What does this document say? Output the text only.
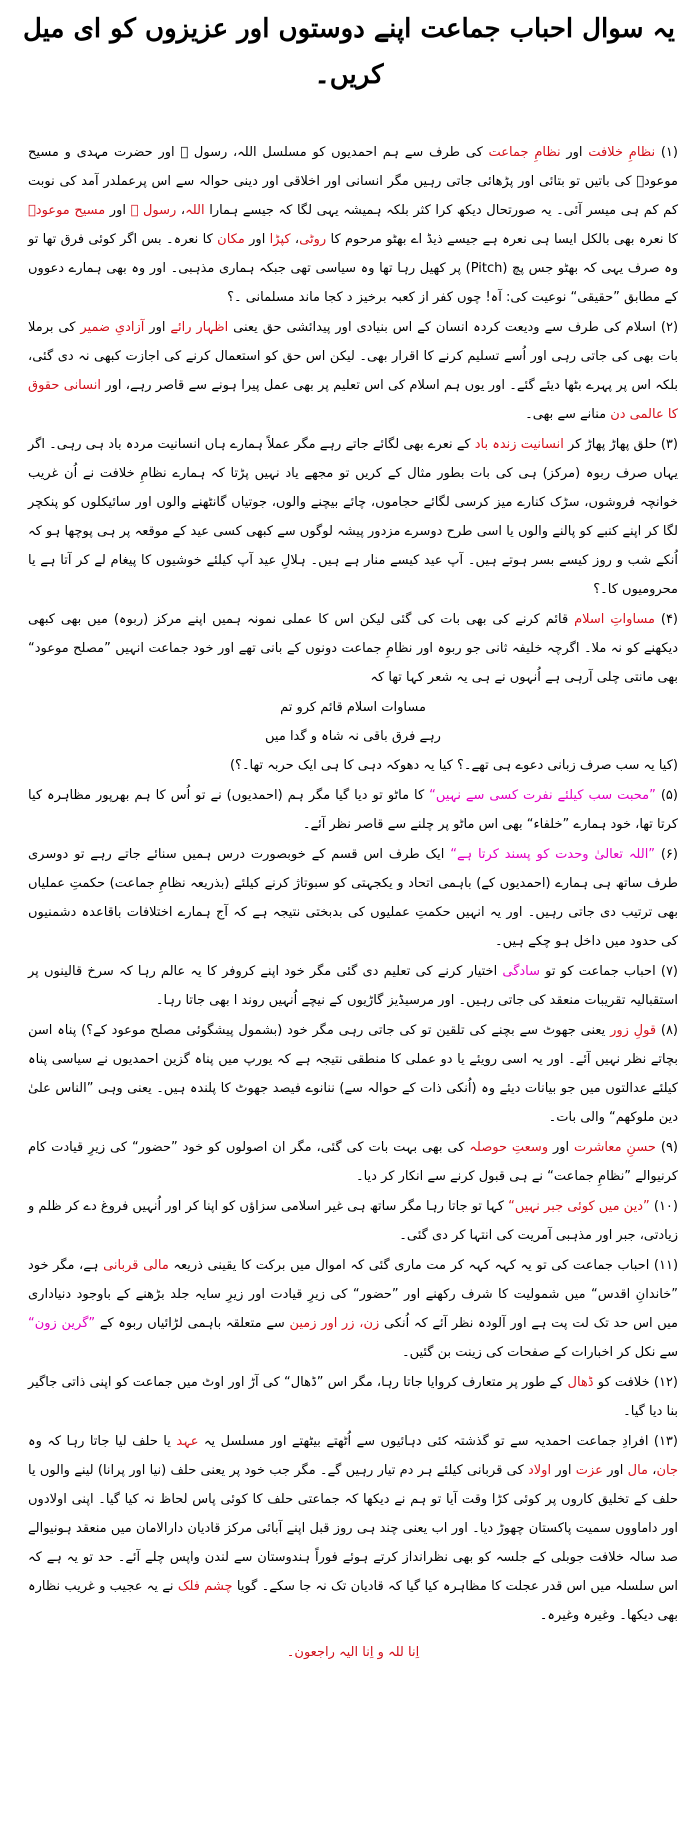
یہ سوال احباب جماعت اپنے دوستوں اور عزیزوں کو ای میل کریں۔

(۱) نظامِ خلافت اور نظامِ جماعت کی طرف سے ہم احمدیوں کو مسلسل اللہ، رسول ﷺ اور حضرت مہدی و مسیح موعودؑ کی باتیں تو بتائی اور پڑھائی جاتی رہیں مگر انسانی اور اخلاقی اور دینی حوالہ سے اس پرعملدر آمد کی نوبت کم کم ہی میسر آئی۔ یہ صورتحال دیکھ کرا کثر بلکہ ہمیشہ یہی لگا کہ جیسے ہمارا اللہ، رسول ﷺ اور مسیح موعودؑ کا نعرہ بھی بالکل ایسا ہی نعرہ ہے جیسے ذیڈ اے بھٹو مرحوم کا روٹی، کپڑا اور مکان کا نعرہ۔ بس اگر کوئی فرق تھا تو وہ صرف یہی کہ بھٹو جس پچ (Pitch) پر کھیل رہا تھا وہ سیاسی تھی جبکہ ہماری مذہبی۔ اور وہ بھی ہمارے دعووں کے مطابق ”حقیقی“ نوعیت کی: آہ! چوں کفر از کعبہ برخیز د کجا ماند مسلمانی ۔؟

(۲) اسلام کی طرف سے ودیعت کردہ انسان کے اس بنیادی اور پیدائشی حق یعنی اظہار رائے اور آزادیِ ضمیر کی برملا بات بھی کی جاتی رہی اور اُسے تسلیم کرنے کا اقرار بھی۔ لیکن اس حق کو استعمال کرنے کی اجازت کبھی نہ دی گئی، بلکہ اس پر پہرے بٹھا دیئے گئے۔ اور یوں ہم اسلام کی اس تعلیم پر بھی عمل پیرا ہونے سے قاصر رہے، اور انسانی حقوق کا عالمی دن منانے سے بھی۔

(۳) حلق پھاڑ پھاڑ کر انسانیت زندہ باد کے نعرے بھی لگائے جاتے رہے مگر عملاً ہمارے ہاں انسانیت مردہ باد ہی رہی۔ اگر یہاں صرف ربوہ (مرکز) ہی کی بات بطور مثال کے کریں تو مجھے یاد نہیں پڑتا کہ ہمارے نظامِ خلافت نے اُن غریب خوانچہ فروشوں، سڑک کنارے میز کرسی لگائے حجاموں، چائے بیچنے والوں، جوتیاں گانٹھنے والوں اور سائیکلوں کو پنکچر لگا کر اپنے کنبے کو پالنے والوں یا اسی طرح دوسرے مزدور پیشہ لوگوں سے کبھی کسی عید کے موقعہ پر ہی پوچھا ہو کہ اُنکے شب و روز کیسے بسر ہوتے ہیں۔ آپ عید کیسے منار ہے ہیں۔ ہلالِ عید آپ کیلئے خوشیوں کا پیغام لے کر آتا ہے یا محرومیوں کا۔؟

(۴) مساواتِ اسلام قائم کرنے کی بھی بات کی گئی لیکن اس کا عملی نمونہ ہمیں اپنے مرکز (ربوہ) میں بھی کبھی دیکھنے کو نہ ملا۔ اگرچہ خلیفہ ثانی جو ربوہ اور نظامِ جماعت دونوں کے بانی تھے اور خود جماعت انہیں ”مصلح موعود“ بھی مانتی چلی آرہی ہے اُنہوں نے ہی یہ شعر کہا تھا کہ

مساوات اسلام قائم کرو تم

رہے فرق باقی نہ شاہ و گدا میں

(کیا یہ سب صرف زبانی دعوے ہی تھے۔؟ کیا یہ دھوکہ دہی کا ہی ایک حربہ تھا۔؟)

(۵) ”محبت سب کیلئے نفرت کسی سے نہیں“ کا ماٹو تو دیا گیا مگر ہم (احمدیوں) نے تو اُس کا ہم بھرپور مظاہرہ کیا کرتا تھا، خود ہمارے ”خلفاء“ بھی اس ماٹو پر چلنے سے قاصر نظر آئے۔

(۶) ”اللہ تعالیٰ وحدت کو پسند کرتا ہے“ ایک طرف اس قسم کے خوبصورت درس ہمیں سنائے جاتے رہے تو دوسری طرف ساتھ ہی ہمارے (احمدیوں کے) باہمی اتحاد و یکجہتی کو سبوتاژ کرنے کیلئے (بذریعہ نظامِ جماعت) حکمتِ عملیاں بھی ترتیب دی جاتی رہیں۔ اور یہ انہیں حکمتِ عملیوں کی بدبختی نتیجہ ہے کہ آج ہمارے اختلافات باقاعدہ دشمنیوں کی حدود میں داخل ہو چکے ہیں۔

(۷) احباب جماعت کو تو سادگی اختیار کرنے کی تعلیم دی گئی مگر خود اپنے کروفر کا یہ عالم رہا کہ سرخ قالینوں پر استقبالیہ تقریبات منعقد کی جاتی رہیں۔ اور مرسیڈیز گاڑیوں کے نیچے اُنہیں روند ا بھی جاتا رہا۔

(۸) قولِ زور یعنی جھوٹ سے بچنے کی تلقین تو کی جاتی رہی مگر خود (بشمول پیشگوئی مصلح موعود کے؟) پناہ اسن بچاتے نظر نہیں آئے۔ اور یہ اسی رویئے یا دو عملی کا منطقی نتیجہ ہے کہ یورپ میں پناہ گزین احمدیوں نے سیاسی پناہ کیلئے عدالتوں میں جو بیانات دیئے وہ (اُنکی ذات کے حوالہ سے) ننانوے فیصد جھوٹ کا پلندہ ہیں۔ یعنی وہی ”الناس علیٰ دین ملوکھم“ والی بات۔

(۹) حسنِ معاشرت اور وسعتِ حوصلہ کی بھی بہت بات کی گئی، مگر ان اصولوں کو خود ”حضور“ کی زیرِ قیادت کام کرنیوالے ”نظامِ جماعت“ نے ہی قبول کرنے سے انکار کر دیا۔

(۱۰) ”دین میں کوئی جبر نہیں“ کہا تو جاتا رہا مگر ساتھ ہی غیر اسلامی سزاؤں کو اپنا کر اور اُنہیں فروغ دے کر ظلم و زیادتی، جبر اور مذہبی آمریت کی انتہا کر دی گئی۔

(۱۱) احباب جماعت کی تو یہ کہہ کہہ کر مت ماری گئی کہ اموال میں برکت کا یقینی ذریعہ مالی قربانی ہے، مگر خود ”خاندانِ اقدس“ میں شمولیت کا شرف رکھنے اور ”حضور“ کی زیرِ قیادت اور زیرِ سایہ جلد بڑھنے کے باوجود دنیاداری میں اس حد تک لت پت ہے اور آلودہ نظر آئے کہ اُنکی زن، زر اور زمین سے متعلقہ باہمی لڑائیاں ربوہ کے ”گرین زون“ سے نکل کر اخبارات کے صفحات کی زینت بن گئیں۔

(۱۲) خلافت کو ڈھال کے طور پر متعارف کروایا جاتا رہا، مگر اس ”ڈھال“ کی آڑ اور اوٹ میں جماعت کو اپنی ذاتی جاگیر بنا دیا گیا۔

(۱۳) افرادِ جماعت احمدیہ سے تو گذشتہ کئی دہائیوں سے اُٹھتے بیٹھتے اور مسلسل یہ عہد یا حلف لیا جاتا رہا کہ وہ جان، مال اور عزت اور اولاد کی قربانی کیلئے ہر دم تیار رہیں گے۔ مگر جب خود پر یعنی حلف (نیا اور پرانا) لینے والوں یا حلف کے تخلیق کاروں پر کوئی کڑا وقت آیا تو ہم نے دیکھا کہ جماعتی حلف کا کوئی پاس لحاظ نہ کیا گیا۔ اپنی اولادوں اور داماووں سمیت پاکستان چھوڑ دیا۔ اور اب یعنی چند ہی روز قبل اپنے آبائی مرکز قادیان دارالامان میں منعقد ہونیوالے صد سالہ خلافت جوبلی کے جلسہ کو بھی نظرانداز کرتے ہوئے فوراً ہندوستان سے لندن واپس چلے آئے۔ حد تو یہ ہے کہ اس سلسلہ میں اس قدر عجلت کا مظاہرہ کیا گیا کہ قادیان تک نہ جا سکے۔ گویا چشم فلک نے یہ عجیب و غریب نظارہ بھی دیکھا۔ وغیرہ وغیرہ۔

اِنا للہ و اِنا الیہ راجعون۔
